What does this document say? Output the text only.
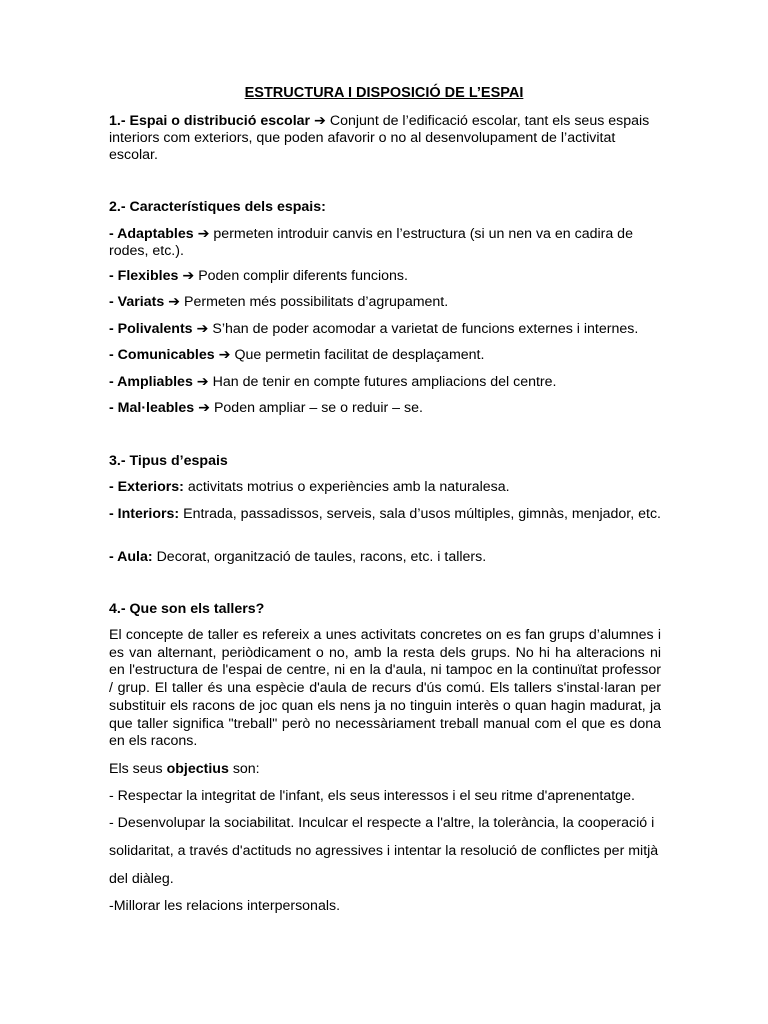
ESTRUCTURA I DISPOSICIÓ DE L’ESPAI
1.- Espai o distribució escolar ➔ Conjunt de l’edificació escolar, tant els seus espais interiors com exteriors, que poden afavorir o no al desenvolupament de l’activitat escolar.
2.- Característiques dels espais:
- Adaptables ➔ permeten introduir canvis en l’estructura (si un nen va en cadira de rodes, etc.).
- Flexibles ➔ Poden complir diferents funcions.
- Variats ➔ Permeten més possibilitats d’agrupament.
- Polivalents ➔ S’han de poder acomodar a varietat de funcions externes i internes.
- Comunicables ➔ Que permetin facilitat de desplaçament.
- Ampliables ➔ Han de tenir en compte futures ampliacions del centre.
- Mal·leables ➔ Poden ampliar – se o reduir – se.
3.- Tipus d’espais
- Exteriors: activitats motrius o experiències amb la naturalesa.
- Interiors: Entrada, passadissos, serveis, sala d’usos múltiples, gimnàs, menjador, etc.
- Aula: Decorat, organització de taules, racons, etc. i tallers.
4.- Que son els tallers?
El concepte de taller es refereix a unes activitats concretes on es fan grups d’alumnes i es van alternant, periòdicament o no, amb la resta dels grups. No hi ha alteracions ni en l'estructura de l'espai de centre, ni en la d'aula, ni tampoc en la continuïtat professor / grup. El taller és una espècie d'aula de recurs d'ús comú. Els tallers s'instal·laran per substituir els racons de joc quan els nens ja no tinguin interès o quan hagin madurat, ja que taller significa "treball" però no necessàriament treball manual com el que es dona en els racons.
Els seus objectius son:
- Respectar la integritat de l'infant, els seus interessos i el seu ritme d'aprenentatge.
- Desenvolupar la sociabilitat. Inculcar el respecte a l'altre, la tolerància, la cooperació i
solidaritat, a través d'actituds no agressives i intentar la resolució de conflictes per mitjà
del diàleg.
-Millorar les relacions interpersonals.
